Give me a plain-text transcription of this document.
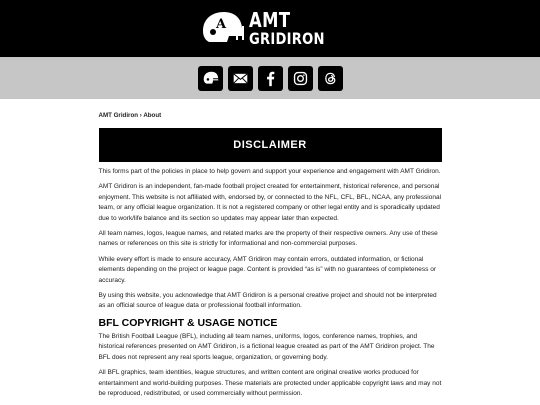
A AMT
GRIDIRON
AMT Gridiron › About
DISCLAIMER

This forms part of the policies in place to help govern and support your experience and engagement with AMT Gridiron.

AMT Gridiron is an independent, fan-made football project created for entertainment, historical reference, and personal enjoyment. This website is not affiliated with, endorsed by, or connected to the NFL, CFL, BFL, NCAA, any professional team, or any official league organization. It is not a registered company or other legal entity and is sporadically updated due to work/life balance and its section so updates may appear later than expected.

All team names, logos, league names, and related marks are the property of their respective owners. Any use of these names or references on this site is strictly for informational and non-commercial purposes.

While every effort is made to ensure accuracy, AMT Gridiron may contain errors, outdated information, or fictional elements depending on the project or league page. Content is provided “as is” with no guarantees of completeness or accuracy.

By using this website, you acknowledge that AMT Gridiron is a personal creative project and should not be interpreted as an official source of league data or professional football information.

BFL COPYRIGHT & USAGE NOTICE

The British Football League (BFL), including all team names, uniforms, logos, conference names, trophies, and historical references presented on AMT Gridiron, is a fictional league created as part of the AMT Gridiron project. The BFL does not represent any real sports league, organization, or governing body.

All BFL graphics, team identities, league structures, and written content are original creative works produced for entertainment and world-building purposes. These materials are protected under applicable copyright laws and may not be reproduced, redistributed, or used commercially without permission.
